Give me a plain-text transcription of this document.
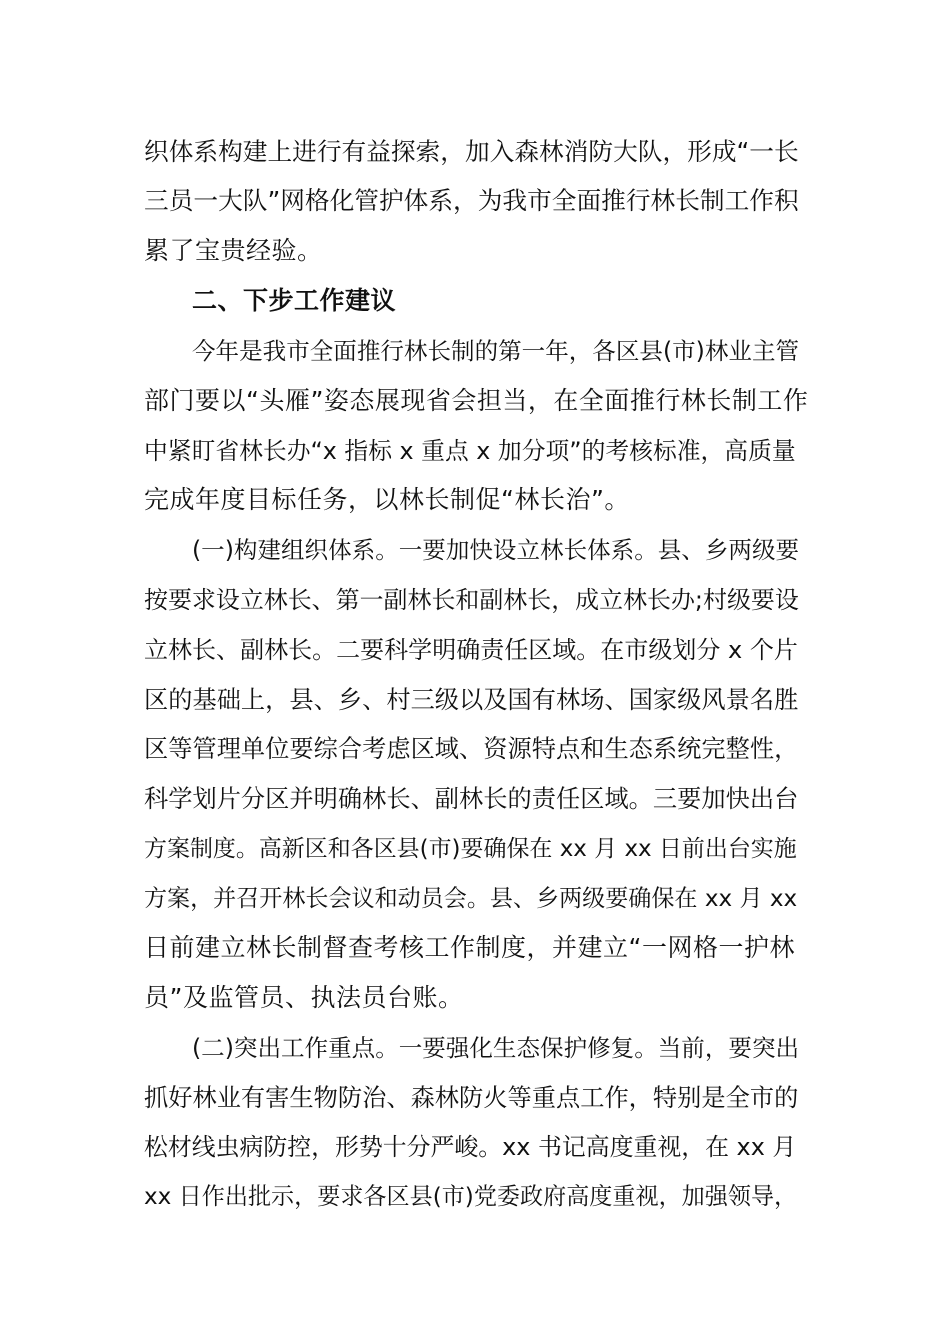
织体系构建上进行有益探索，加入森林消防大队，形成“一长
三员一大队”网格化管护体系，为我市全面推行林长制工作积
累了宝贵经验。
二、下步工作建议
今年是我市全面推行林长制的第一年，各区县(市)林业主管
部门要以“头雁”姿态展现省会担当，在全面推行林长制工作
中紧盯省林长办“x 指标 x 重点 x 加分项”的考核标准，高质量
完成年度目标任务，以林长制促“林长治”。
(一)构建组织体系。一要加快设立林长体系。县、乡两级要
按要求设立林长、第一副林长和副林长，成立林长办;村级要设
立林长、副林长。二要科学明确责任区域。在市级划分 x 个片
区的基础上，县、乡、村三级以及国有林场、国家级风景名胜
区等管理单位要综合考虑区域、资源特点和生态系统完整性，
科学划片分区并明确林长、副林长的责任区域。三要加快出台
方案制度。高新区和各区县(市)要确保在 xx 月 xx 日前出台实施
方案，并召开林长会议和动员会。县、乡两级要确保在 xx 月 xx
日前建立林长制督查考核工作制度，并建立“一网格一护林
员”及监管员、执法员台账。
(二)突出工作重点。一要强化生态保护修复。当前，要突出
抓好林业有害生物防治、森林防火等重点工作，特别是全市的
松材线虫病防控，形势十分严峻。xx 书记高度重视，在 xx 月
xx 日作出批示，要求各区县(市)党委政府高度重视，加强领导，
